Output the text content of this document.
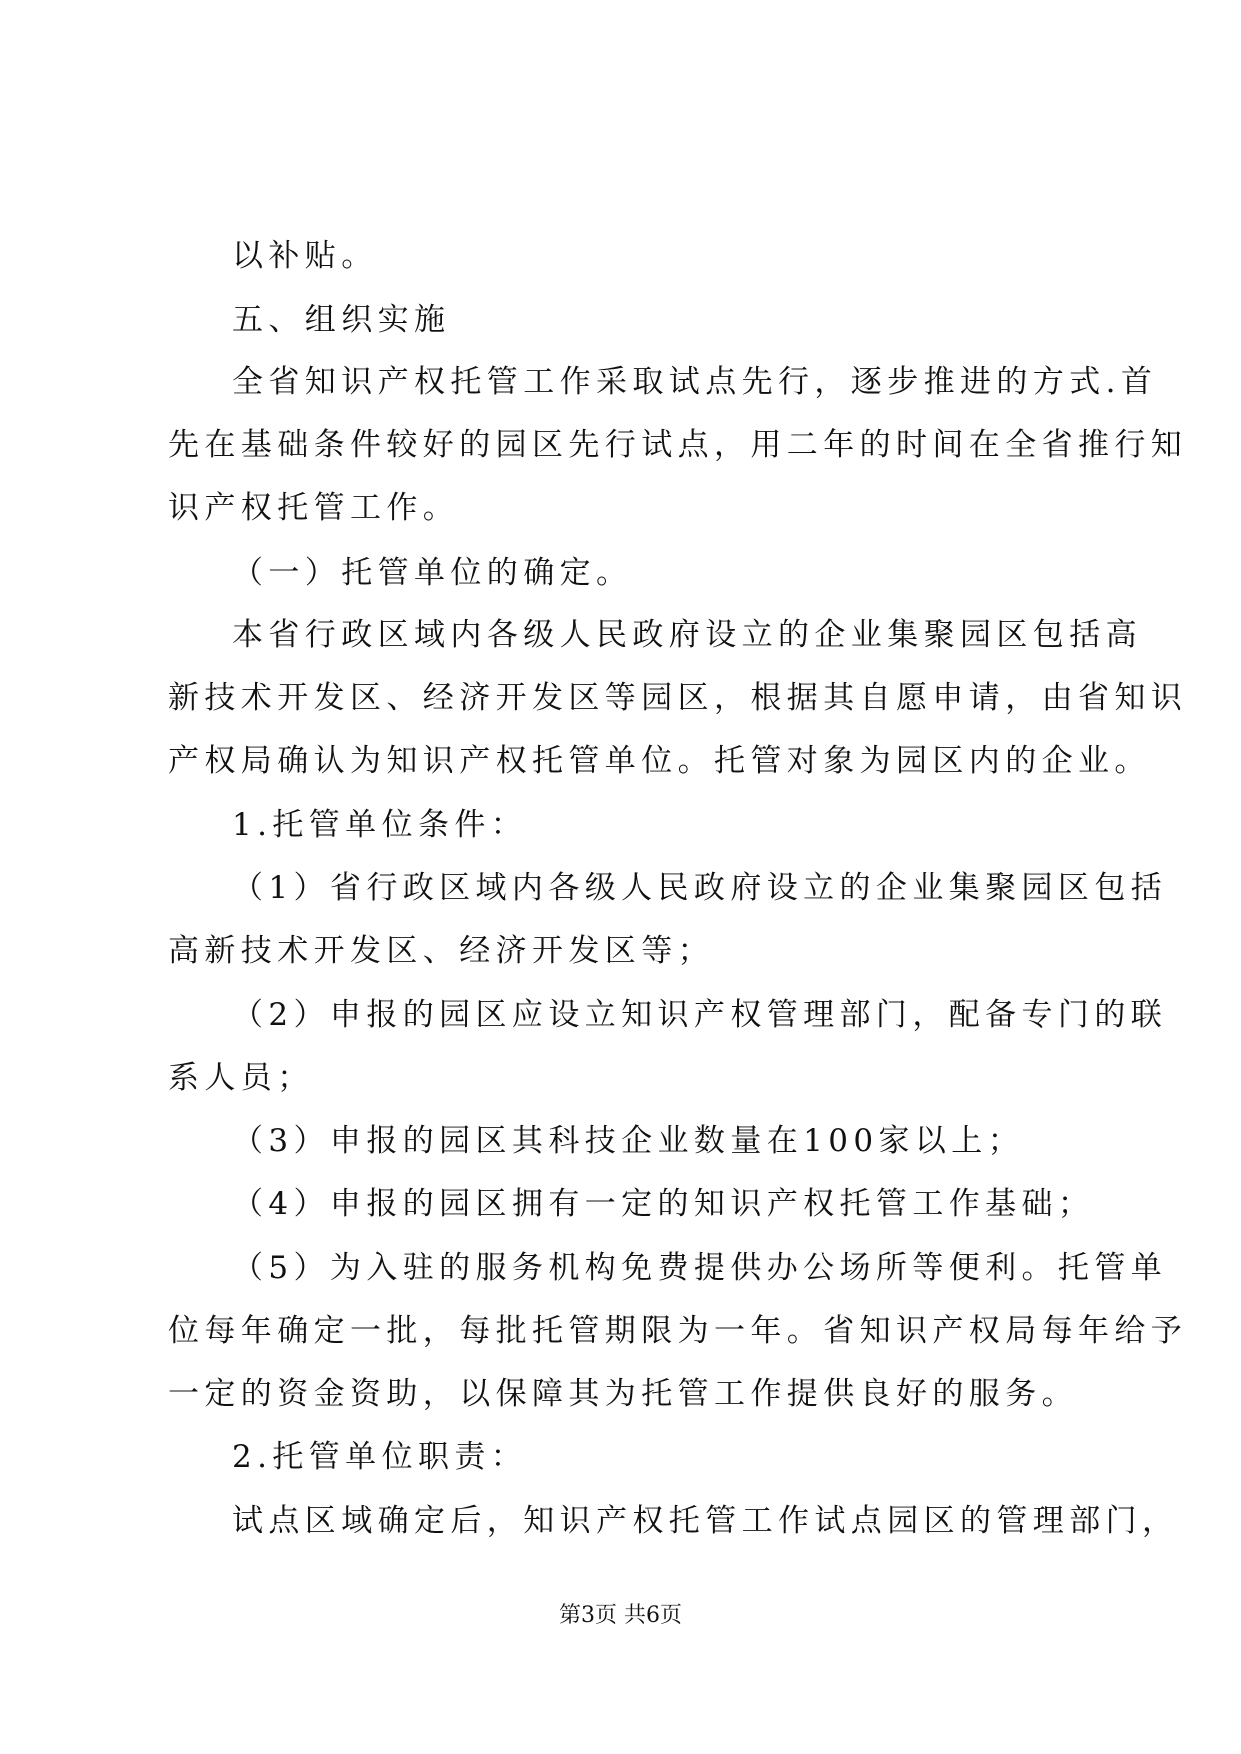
以补贴。
五、组织实施
全省知识产权托管工作采取试点先行，逐步推进的方式.首
先在基础条件较好的园区先行试点，用二年的时间在全省推行知
识产权托管工作。
（一）托管单位的确定。
本省行政区域内各级人民政府设立的企业集聚园区包括高
新技术开发区、经济开发区等园区，根据其自愿申请，由省知识
产权局确认为知识产权托管单位。托管对象为园区内的企业。
1.托管单位条件：
（1）省行政区域内各级人民政府设立的企业集聚园区包括
高新技术开发区、经济开发区等；
（2）申报的园区应设立知识产权管理部门，配备专门的联
系人员；
（3）申报的园区其科技企业数量在100家以上；
（4）申报的园区拥有一定的知识产权托管工作基础；
（5）为入驻的服务机构免费提供办公场所等便利。托管单
位每年确定一批，每批托管期限为一年。省知识产权局每年给予
一定的资金资助，以保障其为托管工作提供良好的服务。
2.托管单位职责：
试点区域确定后，知识产权托管工作试点园区的管理部门，
第3页 共6页
